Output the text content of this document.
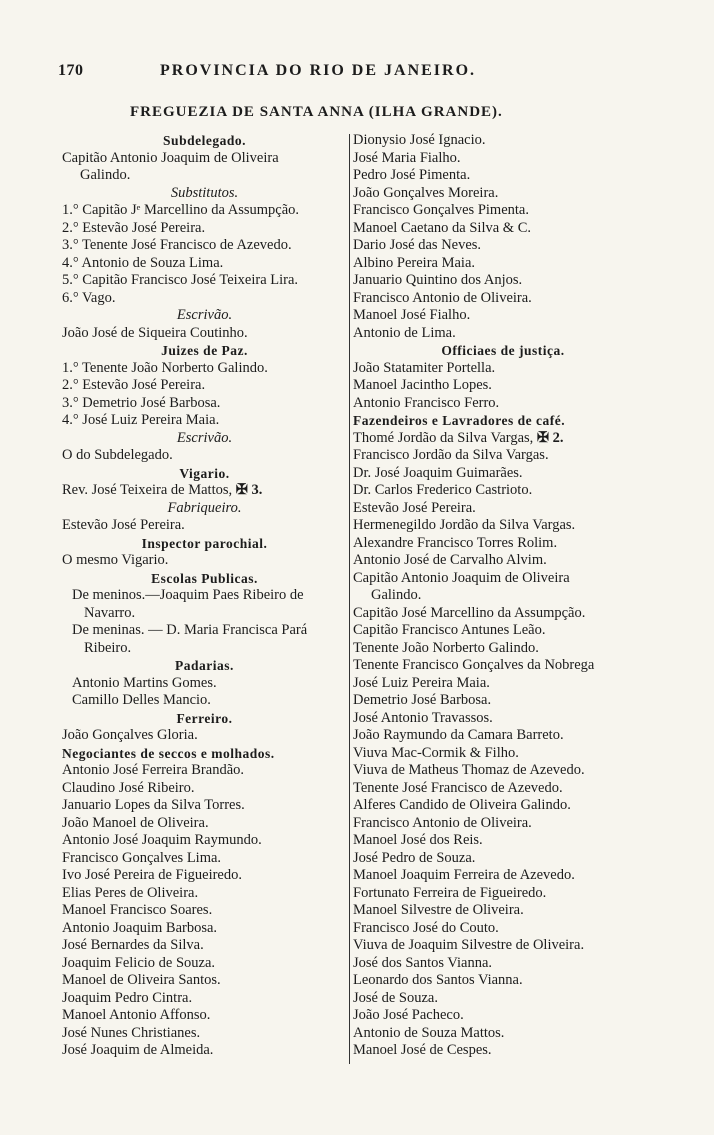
170	PROVINCIA DO RIO DE JANEIRO.
FREGUEZIA DE SANTA ANNA (ILHA GRANDE).
Subdelegado.
Capitão Antonio Joaquim de Oliveira
Galindo.
Substitutos.
1.° Capitão Jᵉ Marcellino da Assumpção.
2.° Estevão José Pereira.
3.° Tenente José Francisco de Azevedo.
4.° Antonio de Souza Lima.
5.° Capitão Francisco José Teixeira Lira.
6.° Vago.
Escrivão.
João José de Siqueira Coutinho.
Juizes de Paz.
1.° Tenente João Norberto Galindo.
2.° Estevão José Pereira.
3.° Demetrio José Barbosa.
4.° José Luiz Pereira Maia.
Escrivão.
O do Subdelegado.
Vigario.
Rev. José Teixeira de Mattos, ✠ 3.
Fabriqueiro.
Estevão José Pereira.
Inspector parochial.
O mesmo Vigario.
Escolas Publicas.
De meninos.—Joaquim Paes Ribeiro de
Navarro.
De meninas. — D. Maria Francisca Pará
Ribeiro.
Padarias.
Antonio Martins Gomes.
Camillo Delles Mancio.
Ferreiro.
João Gonçalves Gloria.
Negociantes de seccos e molhados.
Antonio José Ferreira Brandão.
Claudino José Ribeiro.
Januario Lopes da Silva Torres.
João Manoel de Oliveira.
Antonio José Joaquim Raymundo.
Francisco Gonçalves Lima.
Ivo José Pereira de Figueiredo.
Elias Peres de Oliveira.
Manoel Francisco Soares.
Antonio Joaquim Barbosa.
José Bernardes da Silva.
Joaquim Felicio de Souza.
Manoel de Oliveira Santos.
Joaquim Pedro Cintra.
Manoel Antonio Affonso.
José Nunes Christianes.
José Joaquim de Almeida.
Dionysio José Ignacio.
José Maria Fialho.
Pedro José Pimenta.
João Gonçalves Moreira.
Francisco Gonçalves Pimenta.
Manoel Caetano da Silva & C.
Dario José das Neves.
Albino Pereira Maia.
Januario Quintino dos Anjos.
Francisco Antonio de Oliveira.
Manoel José Fialho.
Antonio de Lima.
Officiaes de justiça.
João Statamiter Portella.
Manoel Jacintho Lopes.
Antonio Francisco Ferro.
Fazendeiros e Lavradores de café.
Thomé Jordão da Silva Vargas, ✠ 2.
Francisco Jordão da Silva Vargas.
Dr. José Joaquim Guimarães.
Dr. Carlos Frederico Castrioto.
Estevão José Pereira.
Hermenegildo Jordão da Silva Vargas.
Alexandre Francisco Torres Rolim.
Antonio José de Carvalho Alvim.
Capitão Antonio Joaquim de Oliveira
Galindo.
Capitão José Marcellino da Assumpção.
Capitão Francisco Antunes Leão.
Tenente João Norberto Galindo.
Tenente Francisco Gonçalves da Nobrega
José Luiz Pereira Maia.
Demetrio José Barbosa.
José Antonio Travassos.
João Raymundo da Camara Barreto.
Viuva Mac-Cormik & Filho.
Viuva de Matheus Thomaz de Azevedo.
Tenente José Francisco de Azevedo.
Alferes Candido de Oliveira Galindo.
Francisco Antonio de Oliveira.
Manoel José dos Reis.
José Pedro de Souza.
Manoel Joaquim Ferreira de Azevedo.
Fortunato Ferreira de Figueiredo.
Manoel Silvestre de Oliveira.
Francisco José do Couto.
Viuva de Joaquim Silvestre de Oliveira.
José dos Santos Vianna.
Leonardo dos Santos Vianna.
José de Souza.
João José Pacheco.
Antonio de Souza Mattos.
Manoel José de Cespes.
